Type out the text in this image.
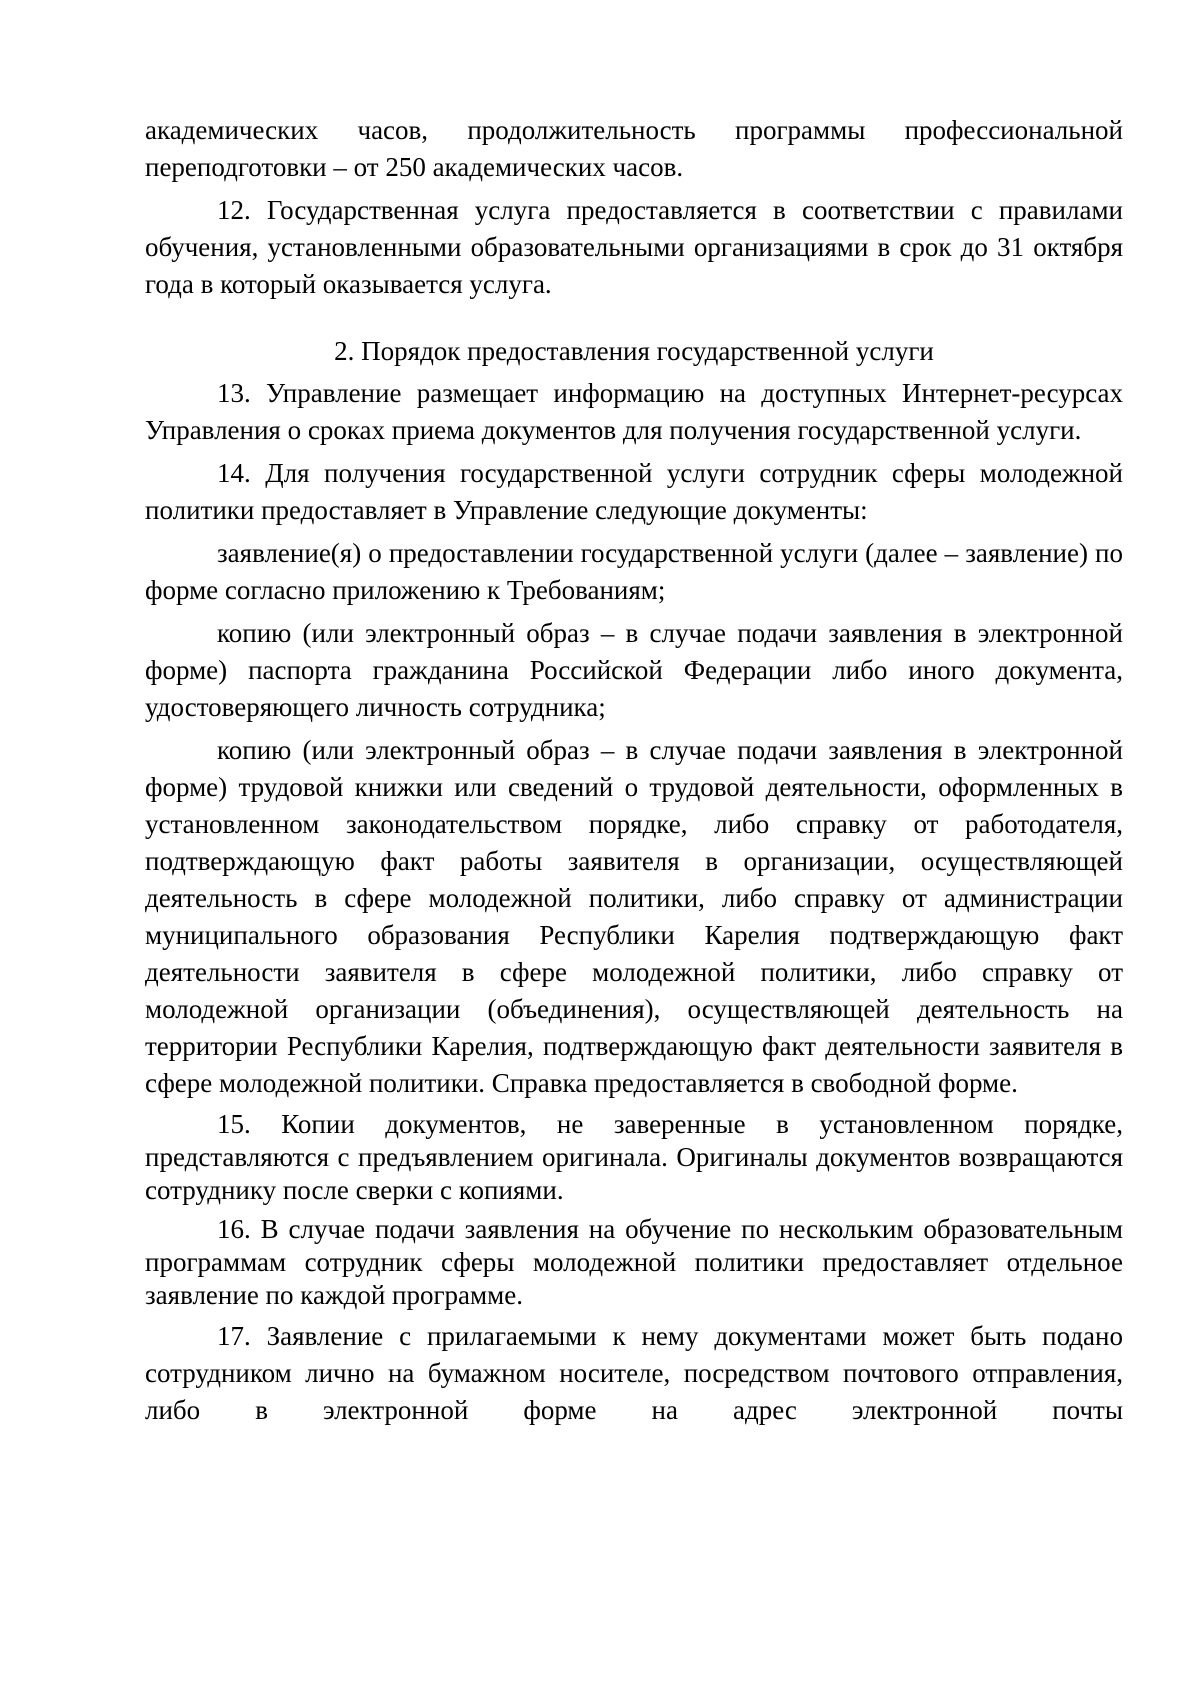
академических часов, продолжительность программы профессиональной переподготовки – от 250 академических часов.

12. Государственная услуга предоставляется в соответствии с правилами обучения, установленными образовательными организациями в срок до 31 октября года в который оказывается услуга.

2. Порядок предоставления государственной услуги

13. Управление размещает информацию на доступных Интернет-ресурсах Управления о сроках приема документов для получения государственной услуги.

14. Для получения государственной услуги сотрудник сферы молодежной политики предоставляет в Управление следующие документы:

заявление(я) о предоставлении государственной услуги (далее – заявление) по форме согласно приложению к Требованиям;

копию (или электронный образ – в случае подачи заявления в электронной форме) паспорта гражданина Российской Федерации либо иного документа, удостоверяющего личность сотрудника;

копию (или электронный образ – в случае подачи заявления в электронной форме) трудовой книжки или сведений о трудовой деятельности, оформленных в установленном законодательством порядке, либо справку от работодателя, подтверждающую факт работы заявителя в организации, осуществляющей деятельность в сфере молодежной политики, либо справку от администрации муниципального образования Республики Карелия подтверждающую факт деятельности заявителя в сфере молодежной политики, либо справку от молодежной организации (объединения), осуществляющей деятельность на территории Республики Карелия, подтверждающую факт деятельности заявителя в сфере молодежной политики. Справка предоставляется в свободной форме.

15. Копии документов, не заверенные в установленном порядке, представляются с предъявлением оригинала. Оригиналы документов возвращаются сотруднику после сверки с копиями.

16. В случае подачи заявления на обучение по нескольким образовательным программам сотрудник сферы молодежной политики предоставляет отдельное заявление по каждой программе.

17. Заявление с прилагаемыми к нему документами может быть подано сотрудником лично на бумажном носителе, посредством почтового отправления, либо в электронной форме на адрес электронной почты
